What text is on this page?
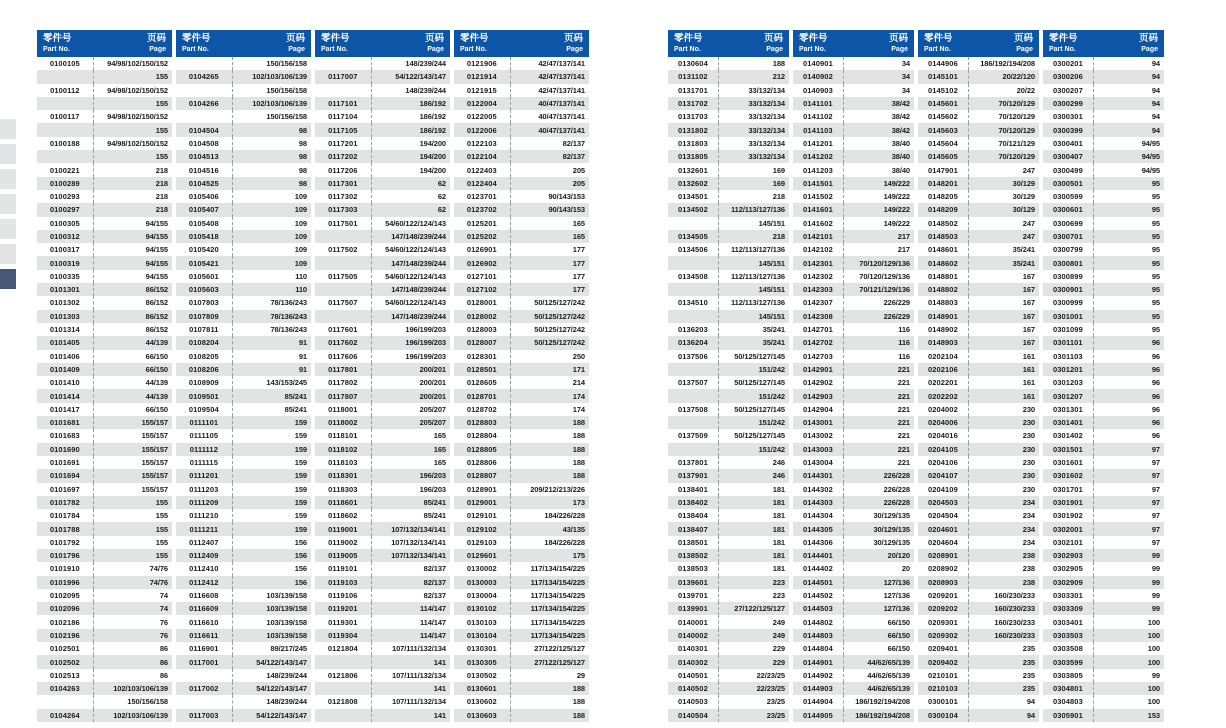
零件号
Part No.
页码
Page
0100105	94/98/102/150/152
155
0100112	94/98/102/150/152
155
0100117	94/98/102/150/152
155
0100188	94/98/102/150/152
155
0100221	218
0100289	218
0100293	218
0100297	218
0100305	94/155
0100312	94/155
0100317	94/155
0100319	94/155
0100335	94/155
0101301	86/152
0101302	86/152
0101303	86/152
0101314	86/152
0101405	44/139
0101406	66/150
0101409	66/150
0101410	44/139
0101414	44/139
0101417	66/150
0101681	155/157
0101683	155/157
0101690	155/157
0101691	155/157
0101694	155/157
0101697	155/157
0101782	155
0101784	155
0101788	155
0101792	155
0101796	155
0101910	74/76
0101996	74/76
0102095	74
0102096	74
0102186	76
0102196	76
0102501	86
0102502	86
0102513	86
0104263	102/103/106/139
150/156/158
0104264	102/103/106/139
零件号
Part No.
页码
Page
150/156/158
0104265	102/103/106/139
150/156/158
0104266	102/103/106/139
150/156/158
0104504	98
0104508	98
0104513	98
0104516	98
0104525	98
0105406	109
0105407	109
0105408	109
0105418	109
0105420	109
0105421	109
0105601	110
0105603	110
0107803	78/136/243
0107809	78/136/243
0107811	78/136/243
0108204	91
0108205	91
0108206	91
0108909	143/153/245
0109501	85/241
0109504	85/241
0111101	159
0111105	159
0111112	159
0111115	159
0111201	159
0111203	159
0111209	159
0111210	159
0111211	159
0112407	156
0112409	156
0112410	156
0112412	156
0116608	103/139/158
0116609	103/139/158
0116610	103/139/158
0116611	103/139/158
0116901	89/217/245
0117001	54/122/143/147
148/239/244
0117002	54/122/143/147
148/239/244
0117003	54/122/143/147
零件号
Part No.
页码
Page
148/239/244
0117007	54/122/143/147
148/239/244
0117101	186/192
0117104	186/192
0117105	186/192
0117201	194/200
0117202	194/200
0117206	194/200
0117301	62
0117302	62
0117303	62
0117501	54/60/122/124/143
147/148/239/244
0117502	54/60/122/124/143
147/148/239/244
0117505	54/60/122/124/143
147/148/239/244
0117507	54/60/122/124/143
147/148/239/244
0117601	196/199/203
0117602	196/199/203
0117606	196/199/203
0117801	200/201
0117802	200/201
0117807	200/201
0118001	205/207
0118002	205/207
0118101	165
0118102	165
0118103	165
0118301	196/203
0118303	196/203
0118601	85/241
0118602	85/241
0119001	107/132/134/141
0119002	107/132/134/141
0119005	107/132/134/141
0119101	82/137
0119103	82/137
0119106	82/137
0119201	114/147
0119301	114/147
0119304	114/147
0121804	107/111/132/134
141
0121806	107/111/132/134
141
0121808	107/111/132/134
141
零件号
Part No.
页码
Page
0121906	42/47/137/141
0121914	42/47/137/141
0121915	42/47/137/141
0122004	40/47/137/141
0122005	40/47/137/141
0122006	40/47/137/141
0122103	82/137
0122104	82/137
0122403	205
0122404	205
0123701	90/143/153
0123702	90/143/153
0125201	165
0125202	165
0126901	177
0126902	177
0127101	177
0127102	177
0128001	50/125/127/242
0128002	50/125/127/242
0128003	50/125/127/242
0128007	50/125/127/242
0128301	250
0128501	171
0128605	214
0128701	174
0128702	174
0128803	188
0128804	188
0128805	188
0128806	188
0128807	188
0128901	209/212/213/226
0129001	173
0129101	184/226/228
0129102	43/135
0129103	184/226/228
0129601	175
0130002	117/134/154/225
0130003	117/134/154/225
0130004	117/134/154/225
0130102	117/134/154/225
0130103	117/134/154/225
0130104	117/134/154/225
0130301	27/122/125/127
0130305	27/122/125/127
0130502	29
0130601	188
0130602	188
0130603	188
零件号
Part No.
页码
Page
0130604	188
0131102	212
0131701	33/132/134
0131702	33/132/134
0131703	33/132/134
0131802	33/132/134
0131803	33/132/134
0131805	33/132/134
0132601	169
0132602	169
0134501	218
0134502	112/113/127/136
145/151
0134505	218
0134506	112/113/127/136
145/151
0134508	112/113/127/136
145/151
0134510	112/113/127/136
145/151
0136203	35/241
0136204	35/241
0137506	50/125/127/145
151/242
0137507	50/125/127/145
151/242
0137508	50/125/127/145
151/242
0137509	50/125/127/145
151/242
0137801	246
0137901	246
0138401	181
0138402	181
0138404	181
0138407	181
0138501	181
0138502	181
0138503	181
0139601	223
0139701	223
0139901	27/122/125/127
0140001	249
0140002	249
0140301	229
0140302	229
0140501	22/23/25
0140502	22/23/25
0140503	23/25
0140504	23/25
零件号
Part No.
页码
Page
0140901	34
0140902	34
0140903	34
0141101	38/42
0141102	38/42
0141103	38/42
0141201	38/40
0141202	38/40
0141203	38/40
0141501	149/222
0141502	149/222
0141601	149/222
0141602	149/222
0142101	217
0142102	217
0142301	70/120/129/136
0142302	70/120/129/136
0142303	70/121/129/136
0142307	226/229
0142308	226/229
0142701	116
0142702	116
0142703	116
0142901	221
0142902	221
0142903	221
0142904	221
0143001	221
0143002	221
0143003	221
0143004	221
0144301	226/228
0144302	226/228
0144303	226/228
0144304	30/129/135
0144305	30/129/135
0144306	30/129/135
0144401	20/120
0144402	20
0144501	127/136
0144502	127/136
0144503	127/136
0144802	66/150
0144803	66/150
0144804	66/150
0144901	44/62/65/139
0144902	44/62/65/139
0144903	44/62/65/139
0144904	186/192/194/208
0144905	186/192/194/208
零件号
Part No.
页码
Page
0144906	186/192/194/208
0145101	20/22/120
0145102	20/22
0145601	70/120/129
0145602	70/120/129
0145603	70/120/129
0145604	70/121/129
0145605	70/120/129
0147901	247
0148201	30/129
0148205	30/129
0148209	30/129
0148502	247
0148503	247
0148601	35/241
0148602	35/241
0148801	167
0148802	167
0148803	167
0148901	167
0148902	167
0148903	167
0202104	161
0202106	161
0202201	161
0202202	161
0204002	230
0204006	230
0204016	230
0204105	230
0204106	230
0204107	230
0204109	230
0204503	234
0204504	234
0204601	234
0204604	234
0208901	238
0208902	238
0208903	238
0209201	160/230/233
0209202	160/230/233
0209301	160/230/233
0209302	160/230/233
0209401	235
0209402	235
0210101	235
0210103	235
0300101	94
0300104	94
零件号
Part No.
页码
Page
0300201	94
0300206	94
0300207	94
0300299	94
0300301	94
0300399	94
0300401	94/95
0300407	94/95
0300499	94/95
0300501	95
0300599	95
0300601	95
0300699	95
0300701	95
0300799	95
0300801	95
0300899	95
0300901	95
0300999	95
0301001	95
0301099	95
0301101	96
0301103	96
0301201	96
0301203	96
0301207	96
0301301	96
0301401	96
0301402	96
0301501	97
0301601	97
0301602	97
0301701	97
0301901	97
0301902	97
0302001	97
0302101	97
0302903	99
0302905	99
0302909	99
0303301	99
0303309	99
0303401	100
0303503	100
0303508	100
0303599	100
0303805	99
0304801	100
0304803	100
0305901	153
